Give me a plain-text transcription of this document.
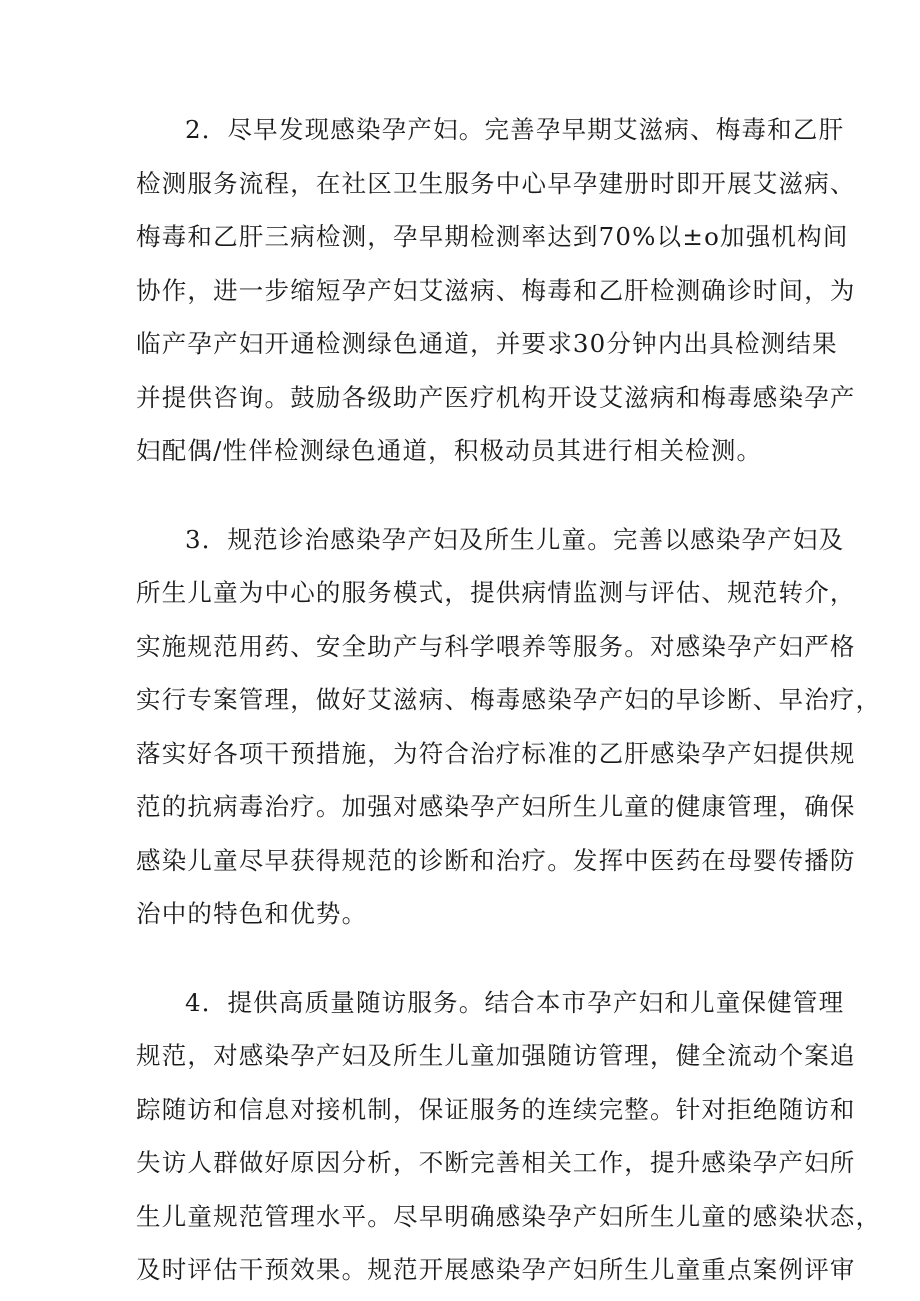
2．尽早发现感染孕产妇。完善孕早期艾滋病、梅毒和乙肝
检测服务流程，在社区卫生服务中心早孕建册时即开展艾滋病、
梅毒和乙肝三病检测，孕早期检测率达到70%以±o加强机构间
协作，进一步缩短孕产妇艾滋病、梅毒和乙肝检测确诊时间，为
临产孕产妇开通检测绿色通道，并要求30分钟内出具检测结果
并提供咨询。鼓励各级助产医疗机构开设艾滋病和梅毒感染孕产
妇配偶/性伴检测绿色通道，积极动员其进行相关检测。

3．规范诊治感染孕产妇及所生儿童。完善以感染孕产妇及
所生儿童为中心的服务模式，提供病情监测与评估、规范转介，
实施规范用药、安全助产与科学喂养等服务。对感染孕产妇严格
实行专案管理，做好艾滋病、梅毒感染孕产妇的早诊断、早治疗，
落实好各项干预措施，为符合治疗标准的乙肝感染孕产妇提供规
范的抗病毒治疗。加强对感染孕产妇所生儿童的健康管理，确保
感染儿童尽早获得规范的诊断和治疗。发挥中医药在母婴传播防
治中的特色和优势。

4．提供高质量随访服务。结合本市孕产妇和儿童保健管理
规范，对感染孕产妇及所生儿童加强随访管理，健全流动个案追
踪随访和信息对接机制，保证服务的连续完整。针对拒绝随访和
失访人群做好原因分析，不断完善相关工作，提升感染孕产妇所
生儿童规范管理水平。尽早明确感染孕产妇所生儿童的感染状态，
及时评估干预效果。规范开展感染孕产妇所生儿童重点案例评审
